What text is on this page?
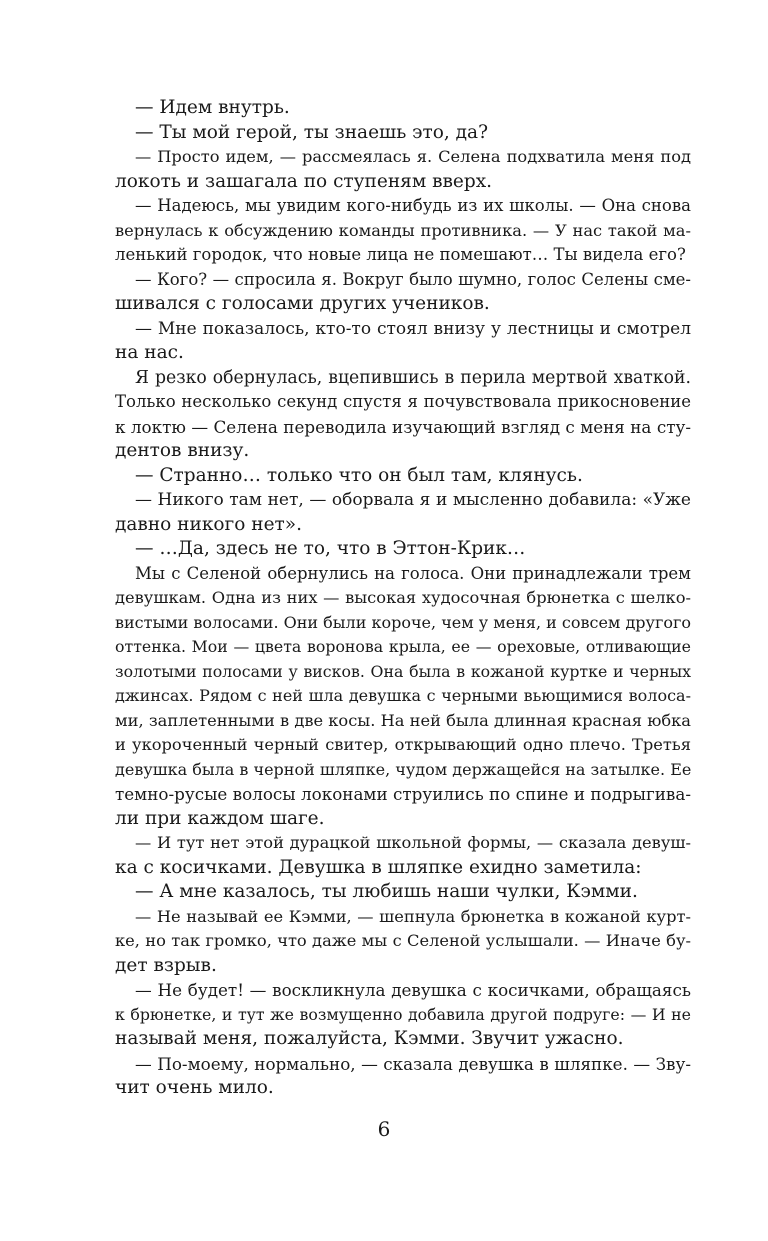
— Идем внутрь.
— Ты мой герой, ты знаешь это, да?
— Просто идем, — рассмеялась я. Селена подхватила меня под
локоть и зашагала по ступеням вверх.
— Надеюсь, мы увидим кого-нибудь из их школы. — Она снова
вернулась к обсуждению команды противника. — У нас такой ма-
ленький городок, что новые лица не помешают… Ты видела его?
— Кого? — спросила я. Вокруг было шумно, голос Селены сме-
шивался с голосами других учеников.
— Мне показалось, кто-то стоял внизу у лестницы и смотрел
на нас.
Я резко обернулась, вцепившись в перила мертвой хваткой.
Только несколько секунд спустя я почувствовала прикосновение
к локтю — Селена переводила изучающий взгляд с меня на сту-
дентов внизу.
— Странно… только что он был там, клянусь.
— Никого там нет, — оборвала я и мысленно добавила: «Уже
давно никого нет».
— …Да, здесь не то, что в Эттон-Крик…
Мы с Селеной обернулись на голоса. Они принадлежали трем
девушкам. Одна из них — высокая худосочная брюнетка с шелко-
вистыми волосами. Они были короче, чем у меня, и совсем другого
оттенка. Мои — цвета воронова крыла, ее — ореховые, отливающие
золотыми полосами у висков. Она была в кожаной куртке и черных
джинсах. Рядом с ней шла девушка с черными вьющимися волоса-
ми, заплетенными в две косы. На ней была длинная красная юбка
и укороченный черный свитер, открывающий одно плечо. Третья
девушка была в черной шляпке, чудом держащейся на затылке. Ее
темно-русые волосы локонами струились по спине и подрыгива-
ли при каждом шаге.
— И тут нет этой дурацкой школьной формы, — сказала девуш-
ка с косичками. Девушка в шляпке ехидно заметила:
— А мне казалось, ты любишь наши чулки, Кэмми.
— Не называй ее Кэмми, — шепнула брюнетка в кожаной курт-
ке, но так громко, что даже мы с Селеной услышали. — Иначе бу-
дет взрыв.
— Не будет! — воскликнула девушка с косичками, обращаясь
к брюнетке, и тут же возмущенно добавила другой подруге: — И не
называй меня, пожалуйста, Кэмми. Звучит ужасно.
— По-моему, нормально, — сказала девушка в шляпке. — Зву-
чит очень мило.
6
